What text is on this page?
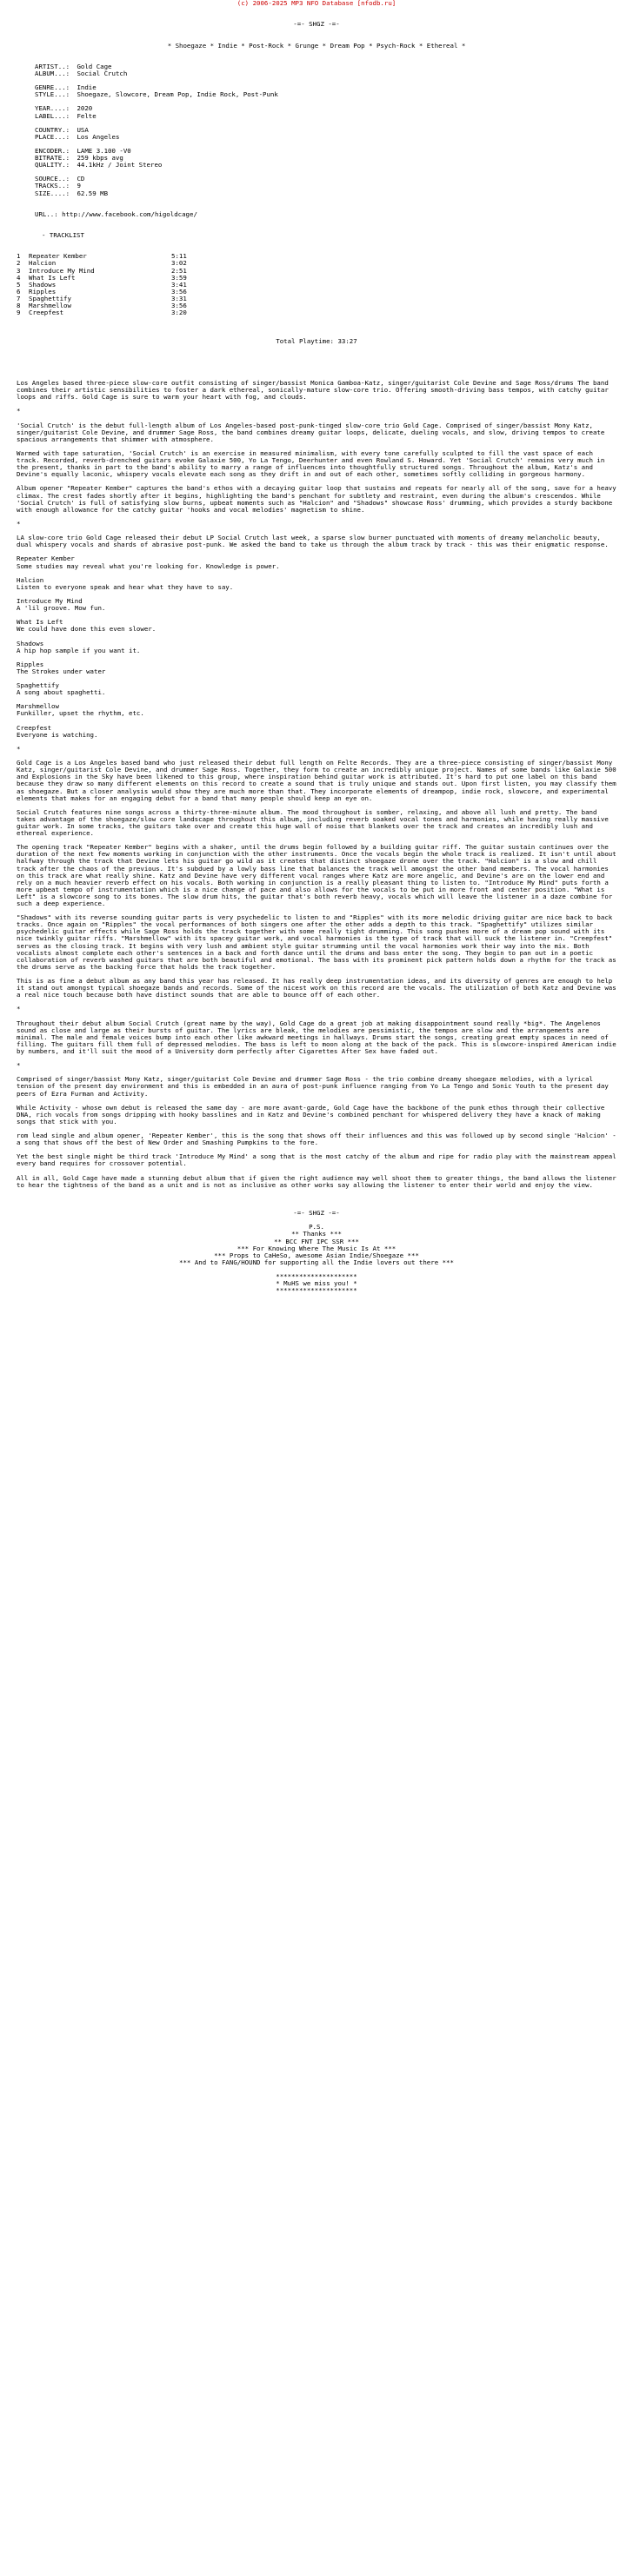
(c) 2006-2025 MP3 NFO Database [nfodb.ru]
-=- SHGZ -=-
* Shoegaze * Indie * Post-Rock * Grunge * Dream Pop * Psych-Rock * Ethereal *
ARTIST..: Gold Cage
ALBUM...: Social Crutch
GENRE...: Indie
STYLE...: Shoegaze, Slowcore, Dream Pop, Indie Rock, Post-Punk
YEAR....: 2020
LABEL...: Felte
COUNTRY.: USA
PLACE...: Los Angeles
ENCODER.: LAME 3.100 -V0
BITRATE.: 259 kbps avg
QUALITY.: 44.1kHz / Joint Stereo
SOURCE..: CD
TRACKS..: 9
SIZE....: 62.59 MB
URL..: http://www.facebook.com/higoldcage/
- TRACKLIST
1 Repeater Kember	5:11
2 Halcion	3:02
3 Introduce My Mind	2:51
4 What Is Left	3:59
5 Shadows	3:41
6 Ripples	3:56
7 Spaghettify	3:31
8 Marshmellow	3:56
9 Creepfest	3:20
Total Playtime: 33:27
Los Angeles based three-piece slow-core outfit consisting of singer/bassist Monica Gamboa-Katz, singer/guitarist Cole Devine and Sage Ross/drums The band combines their artistic sensibilities to foster a dark ethereal, sonically-mature slow-core trio. Offering smooth-driving bass tempos, with catchy guitar loops and riffs. Gold Cage is sure to warm your heart with fog, and clouds.
*
'Social Crutch' is the debut full-length album of Los Angeles-based post-punk-tinged slow-core trio Gold Cage. Comprised of singer/bassist Mony Katz, singer/guitarist Cole Devine, and drummer Sage Ross, the band combines dreamy guitar loops, delicate, dueling vocals, and slow, driving tempos to create spacious arrangements that shimmer with atmosphere.
Warmed with tape saturation, 'Social Crutch' is an exercise in measured minimalism, with every tone carefully sculpted to fill the vast space of each track. Recorded, reverb-drenched guitars evoke Galaxie 500, Yo La Tengo, Deerhunter and even Rowland S. Howard. Yet 'Social Crutch' remains very much in the present, thanks in part to the band's ability to marry a range of influences into thoughtfully structured songs. Throughout the album, Katz's and Devine's equally laconic, whispery vocals elevate each song as they drift in and out of each other, sometimes softly colliding in gorgeous harmony.
Album opener "Repeater Kember" captures the band's ethos with a decaying guitar loop that sustains and repeats for nearly all of the song, save for a heavy climax. The crest fades shortly after it begins, highlighting the band's penchant for subtlety and restraint, even during the album's crescendos. While 'Social Crutch' is full of satisfying slow burns, upbeat moments such as "Halcion" and "Shadows" showcase Ross' drumming, which provides a sturdy backbone with enough allowance for the catchy guitar 'hooks and vocal melodies' magnetism to shine.
*
LA slow-core trio Gold Cage released their debut LP Social Crutch last week, a sparse slow burner punctuated with moments of dreamy melancholic beauty, dual whispery vocals and shards of abrasive post-punk. We asked the band to take us through the album track by track - this was their enigmatic response.
Repeater Kember
Some studies may reveal what you're looking for. Knowledge is power.
Halcion
Listen to everyone speak and hear what they have to say.
Introduce My Mind
A 'lil groove. Mow fun.
What Is Left
We could have done this even slower.
Shadows
A hip hop sample if you want it.
Ripples
The Strokes under water
Spaghettify
A song about spaghetti.
Marshmellow
Funkiller, upset the rhythm, etc.
Creepfest
Everyone is watching.
*
Gold Cage is a Los Angeles based band who just released their debut full length on Felte Records. They are a three-piece consisting of singer/bassist Mony Katz, singer/guitarist Cole Devine, and drummer Sage Ross. Together, they form to create an incredibly unique project. Names of some bands like Galaxie 500 and Explosions in the Sky have been likened to this group, where inspiration behind guitar work is attributed. It's hard to put one label on this band because they draw so many different elements on this record to create a sound that is truly unique and stands out. Upon first listen, you may classify them as shoegaze. But a closer analysis would show they are much more than that. They incorporate elements of dreampop, indie rock, slowcore, and experimental elements that makes for an engaging debut for a band that many people should keep an eye on.
Social Crutch features nine songs across a thirty-three-minute album. The mood throughout is somber, relaxing, and above all lush and pretty. The band takes advantage of the shoegaze/slow core landscape throughout this album, including reverb soaked vocal tones and harmonies, while having really massive guitar work. In some tracks, the guitars take over and create this huge wall of noise that blankets over the track and creates an incredibly lush and ethereal experience.
The opening track "Repeater Kember" begins with a shaker, until the drums begin followed by a building guitar riff. The guitar sustain continues over the duration of the next few moments working in conjunction with the other instruments. Once the vocals begin the whole track is realized. It isn't until about halfway through the track that Devine lets his guitar go wild as it creates that distinct shoegaze drone over the track. "Halcion" is a slow and chill track after the chaos of the previous. It's subdued by a lowly bass line that balances the track well amongst the other band members. The vocal harmonies on this track are what really shine. Katz and Devine have very different vocal ranges where Katz are more angelic, and Devine's are on the lower end and rely on a much heavier reverb effect on his vocals. Both working in conjunction is a really pleasant thing to listen to. "Introduce My Mind" puts forth a more upbeat tempo of instrumentation which is a nice change of pace and also allows for the vocals to be put in more front and center position. "What is Left" is a slowcore song to its bones. The slow drum hits, the guitar that's both reverb heavy, vocals which will leave the listener in a daze combine for such a deep experience.
"Shadows" with its reverse sounding guitar parts is very psychedelic to listen to and "Ripples" with its more melodic driving guitar are nice back to back tracks. Once again on "Ripples" the vocal performances of both singers one after the other adds a depth to this track. "Spaghettify" utilizes similar psychedelic guitar effects while Sage Ross holds the track together with some really tight drumming. This song pushes more of a dream pop sound with its nice twinkly guitar riffs. "Marshmellow" with its spacey guitar work, and vocal harmonies is the type of track that will suck the listener in. "Creepfest" serves as the closing track. It begins with very lush and ambient style guitar strumming until the vocal harmonies work their way into the mix. Both vocalists almost complete each other's sentences in a back and forth dance until the drums and bass enter the song. They begin to pan out in a poetic collaboration of reverb washed guitars that are both beautiful and emotional. The bass with its prominent pick pattern holds down a rhythm for the track as the drums serve as the backing force that holds the track together.
This is as fine a debut album as any band this year has released. It has really deep instrumentation ideas, and its diversity of genres are enough to help it stand out amongst typical shoegaze bands and records. Some of the nicest work on this record are the vocals. The utilization of both Katz and Devine was a real nice touch because both have distinct sounds that are able to bounce off of each other.
*
Throughout their debut album Social Crutch (great name by the way), Gold Cage do a great job at making disappointment sound really *big*. The Angelenos sound as close and large as their bursts of guitar. The lyrics are bleak, the melodies are pessimistic, the tempos are slow and the arrangements are minimal. The male and female voices bump into each other like awkward meetings in hallways. Drums start the songs, creating great empty spaces in need of filling. The guitars fill them full of depressed melodies. The bass is left to moon along at the back of the pack. This is slowcore-inspired American indie by numbers, and it'll suit the mood of a University dorm perfectly after Cigarettes After Sex have faded out.
*
Comprised of singer/bassist Mony Katz, singer/guitarist Cole Devine and drummer Sage Ross - the trio combine dreamy shoegaze melodies, with a lyrical tension of the present day environment and this is embedded in an aura of post-punk influence ranging from Yo La Tengo and Sonic Youth to the present day peers of Ezra Furman and Activity.
While Activity - whose own debut is released the same day - are more avant-garde, Gold Cage have the backbone of the punk ethos through their collective DNA, rich vocals from songs dripping with hooky basslines and in Katz and Devine's combined penchant for whispered delivery they have a knack of making songs that stick with you.
rom lead single and album opener, 'Repeater Kember', this is the song that shows off their influences and this was followed up by second single 'Halcion' - a song that shows off the best of New Order and Smashing Pumpkins to the fore.
Yet the best single might be third track 'Introduce My Mind' a song that is the most catchy of the album and ripe for radio play with the mainstream appeal every band requires for crossover potential.
All in all, Gold Cage have made a stunning debut album that if given the right audience may well shoot them to greater things, the band allows the listener to hear the tightness of the band as a unit and is not as inclusive as other works say allowing the listener to enter their world and enjoy the view.
-=- SHGZ -=-
P.S.
** Thanks ***
** BCC FNT IPC SSR ***
*** For Knowing Where The Music Is At ***
*** Props to CaHeSo, awesome Asian Indie/Shoegaze ***
*** And to FANG/HOUND for supporting all the Indie lovers out there ***
*********************
* MuHS we miss you! *
*********************
